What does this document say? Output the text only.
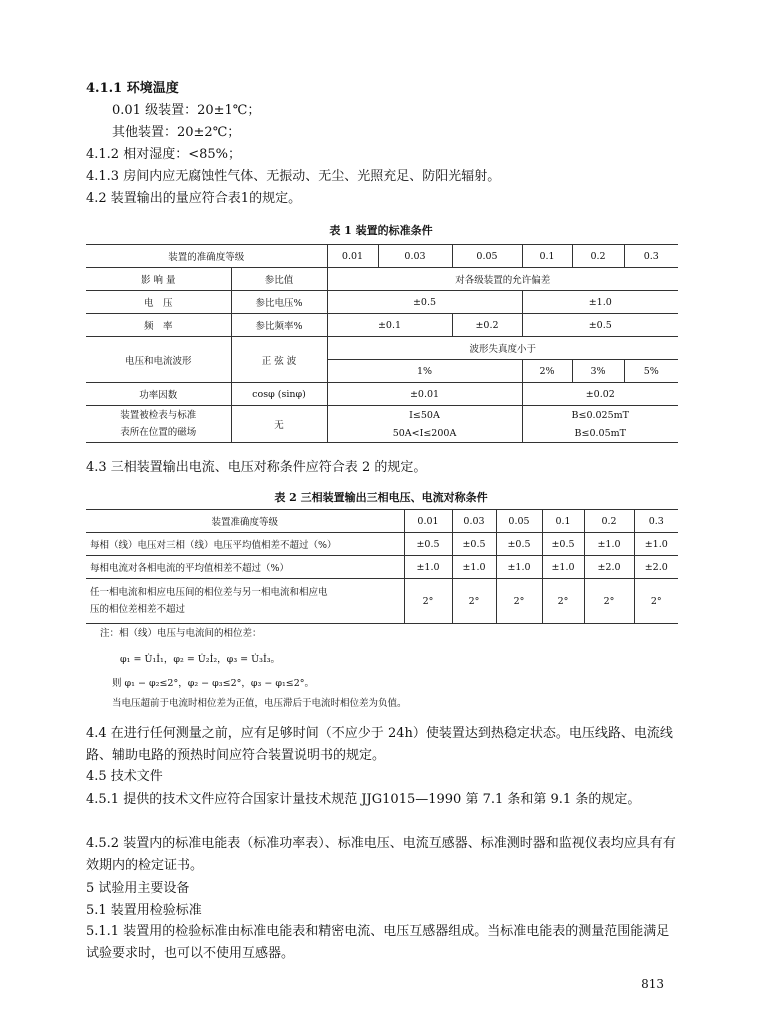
4.1.1 环境温度
0.01 级装置：20±1℃；
其他装置：20±2℃；
4.1.2 相对湿度：<85%；
4.1.3 房间内应无腐蚀性气体、无振动、无尘、光照充足、防阳光辐射。
4.2 装置输出的量应符合表1的规定。
表 1 装置的标准条件
装置的准确度等级		0.01	0.03	0.05	0.1	0.2	0.3
影 响 量	参比值	对各级装置的允许偏差					
电　压	参比电压%	±0.5			±1.0		
频　率	参比频率%	±0.1		±0.2	±0.5		
电压和电流波形	正 弦 波	波形失真度小于					
		1%			2%	3%	5%
功率因数	cosφ (sinφ)	±0.01			±0.02		
装置被检表与标准
表所在位置的磁场	无	I≤50A			B≤0.025mT		
		50A<I≤200A			B≤0.05mT		
4.3 三相装置输出电流、电压对称条件应符合表 2 的规定。
表 2 三相装置输出三相电压、电流对称条件
装置准确度等级	0.01	0.03	0.05	0.1	0.2	0.3
每相（线）电压对三相（线）电压平均值相差不超过（%）	±0.5	±0.5	±0.5	±0.5	±1.0	±1.0
每相电流对各相电流的平均值相差不超过（%）	±1.0	±1.0	±1.0	±1.0	±2.0	±2.0
任一相电流和相应电压间的相位差与另一相电流和相应电
压的相位差相差不超过	2°	2°	2°	2°	2°	2°
注：相（线）电压与电流间的相位差：
φ₁ = U̇₁İ₁，φ₂ = U̇₂İ₂，φ₃ = U̇₃İ₃。
则 φ₁ − φ₂≤2°，φ₂ − φ₃≤2°，φ₃ − φ₁≤2°。
当电压超前于电流时相位差为正值，电压滞后于电流时相位差为负值。
4.4 在进行任何测量之前，应有足够时间（不应少于 24h）使装置达到热稳定状态。电压线路、电流线路、辅助电路的预热时间应符合装置说明书的规定。
4.5 技术文件
4.5.1 提供的技术文件应符合国家计量技术规范 JJG1015—1990 第 7.1 条和第 9.1 条的规定。
4.5.2 装置内的标准电能表（标准功率表）、标准电压、电流互感器、标准测时器和监视仪表均应具有有效期内的检定证书。
5 试验用主要设备
5.1 装置用检验标准
5.1.1 装置用的检验标准由标准电能表和精密电流、电压互感器组成。当标准电能表的测量范围能满足试验要求时，也可以不使用互感器。
813
